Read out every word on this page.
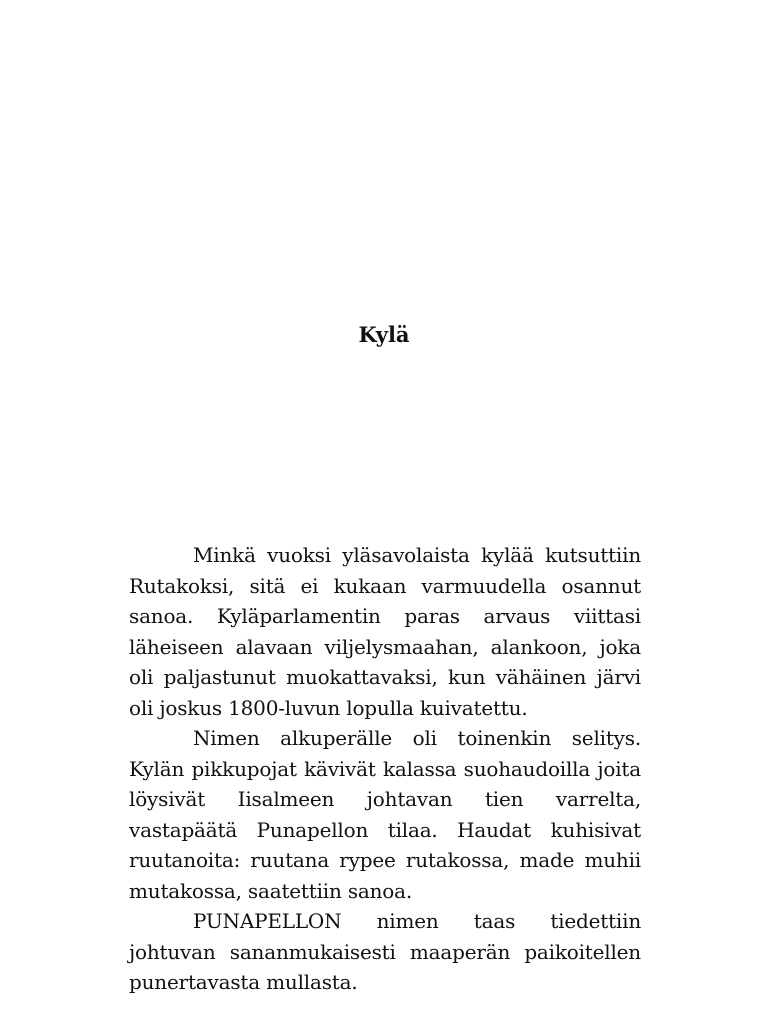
Kylä

Minkä vuoksi yläsavolaista kylää kutsuttiin Rutakoksi, sitä ei kukaan varmuudella osannut sanoa. Kyläparlamentin paras arvaus viittasi läheiseen alavaan viljelysmaahan, alankoon, joka oli paljastunut muokattavaksi, kun vähäinen järvi oli joskus 1800-luvun lopulla kuivatettu.

Nimen alkuperälle oli toinenkin selitys. Kylän pikkupojat kävivät kalassa suohaudoilla joita löysivät Iisalmeen johtavan tien varrelta, vastapäätä Punapellon tilaa. Haudat kuhisivat ruutanoita: ruutana rypee rutakossa, made muhii mutakossa, saatettiin sanoa.

PUNAPELLON nimen taas tiedettiin johtuvan sananmukaisesti maaperän paikoitellen punertavasta mullasta.
